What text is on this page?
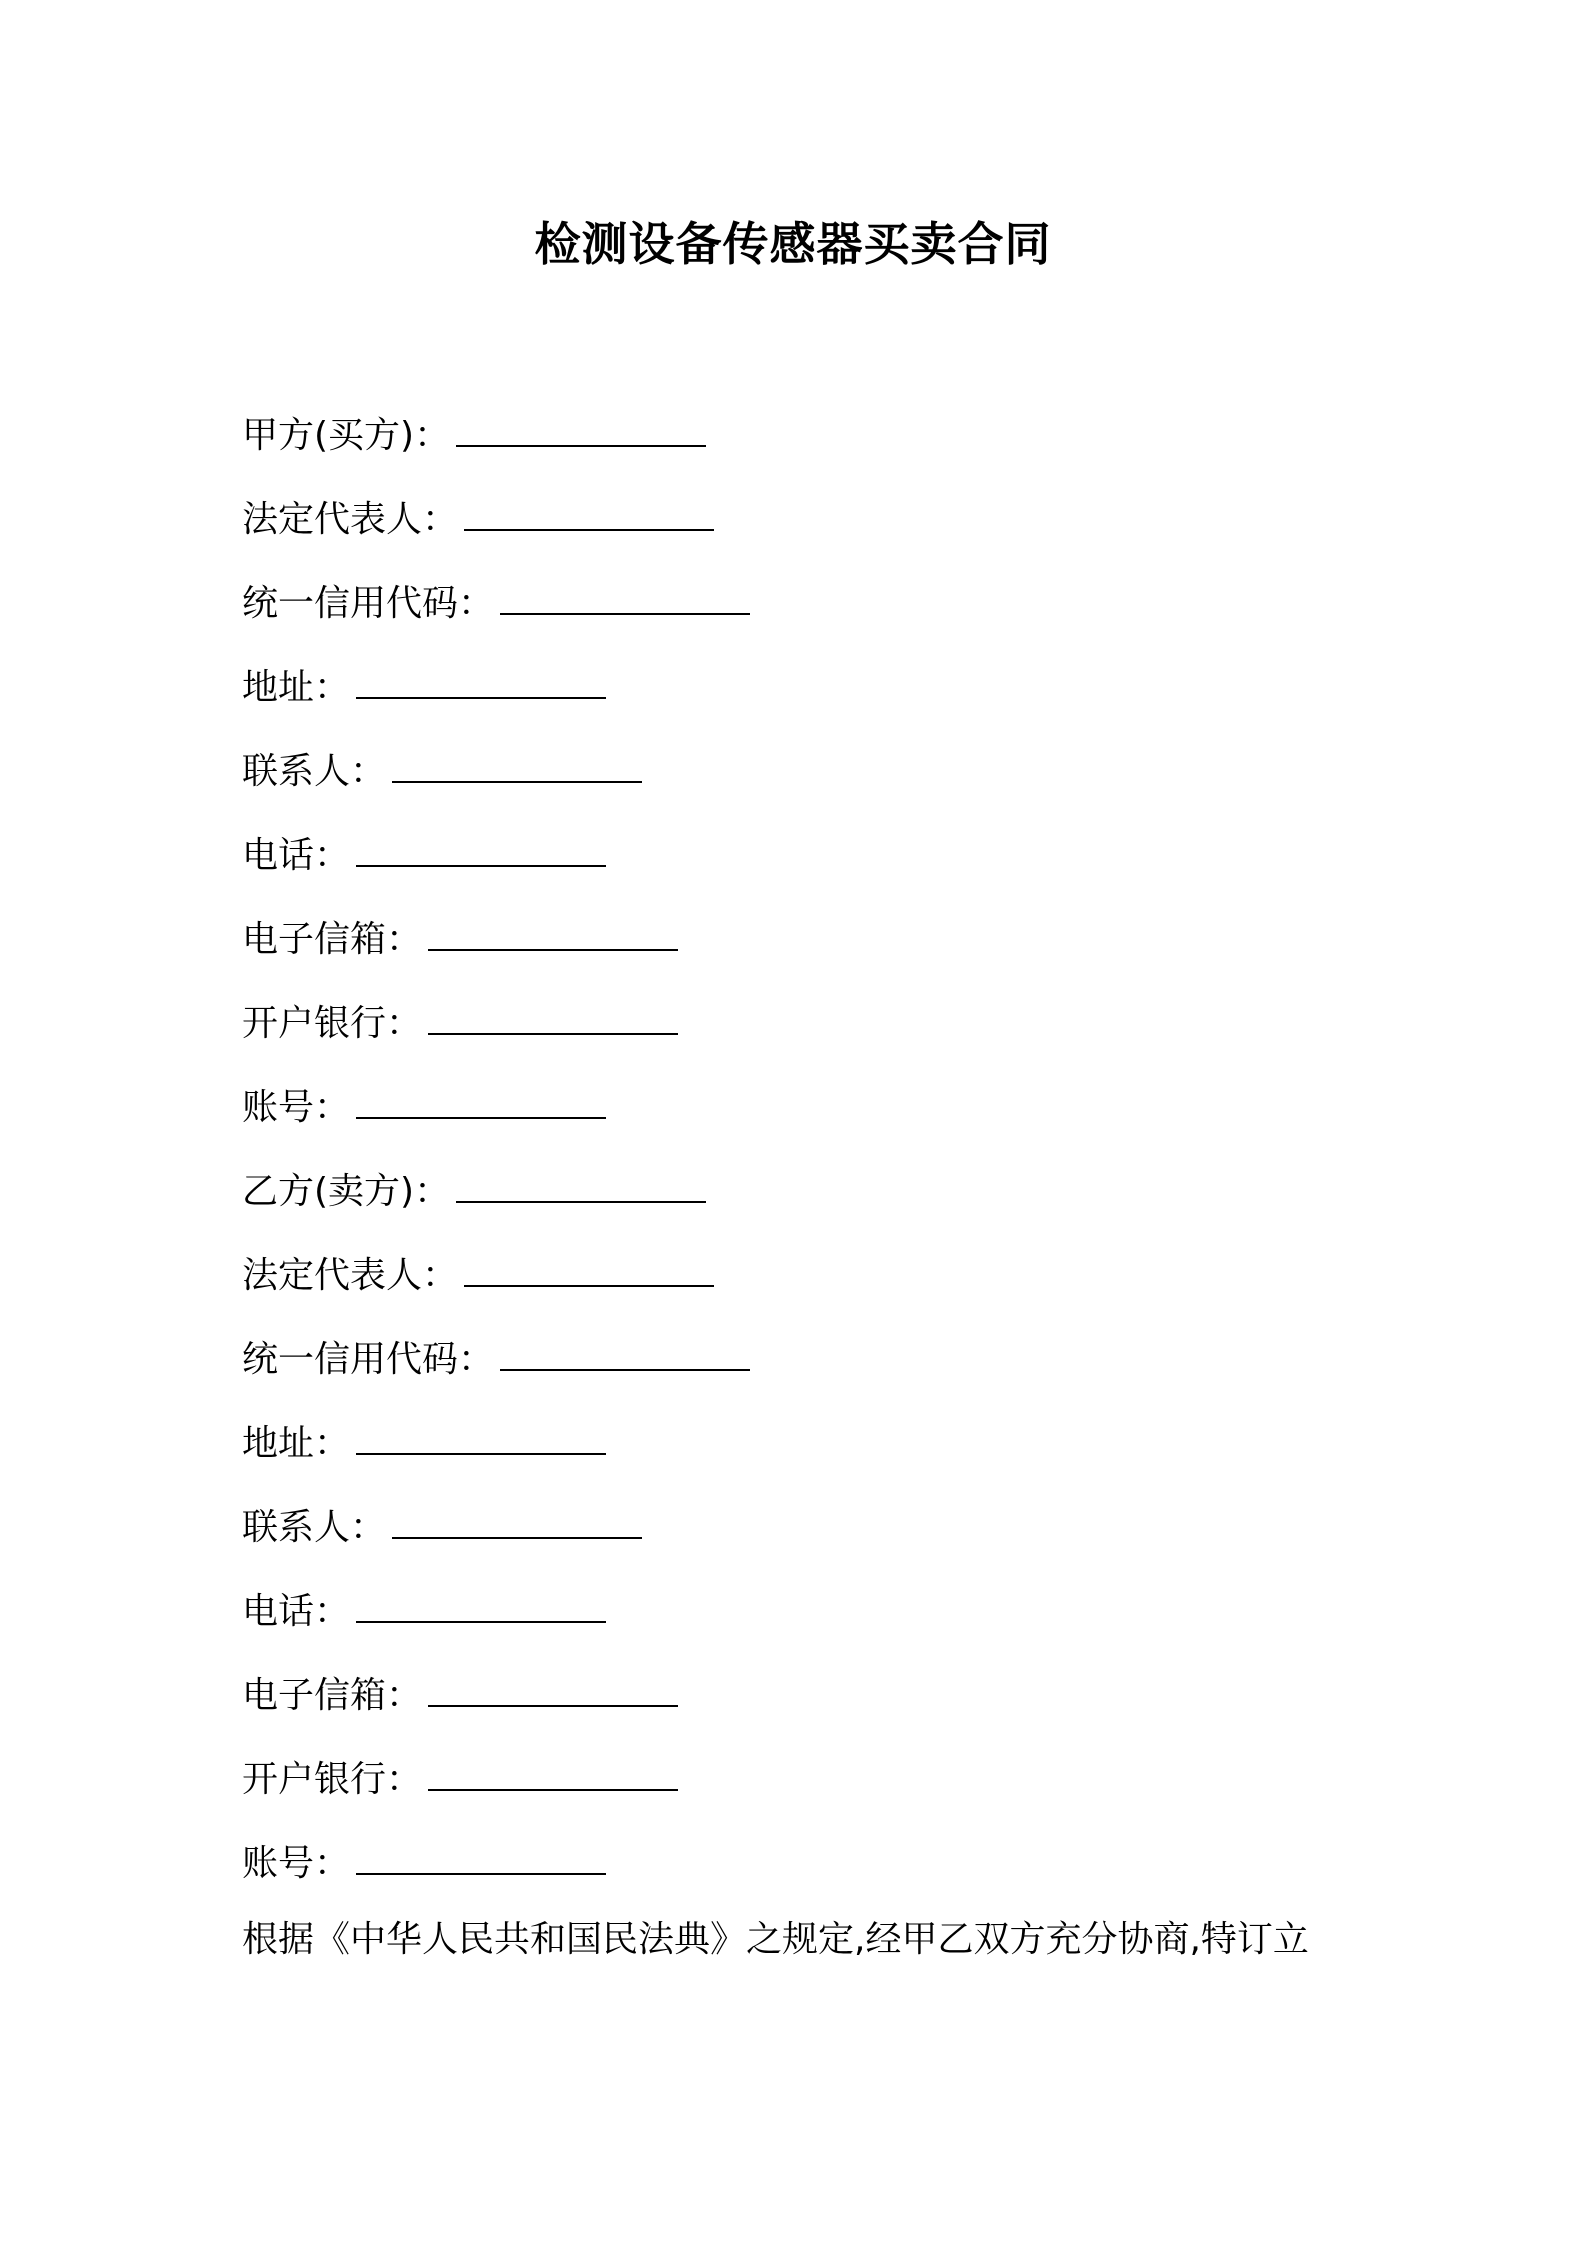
检测设备传感器买卖合同
甲方(买方)：
法定代表人：
统一信用代码：
地址：
联系人：
电话：
电子信箱：
开户银行：
账号：
乙方(卖方)：
法定代表人：
统一信用代码：
地址：
联系人：
电话：
电子信箱：
开户银行：
账号：
根据《中华人民共和国民法典》之规定,经甲乙双方充分协商,特订立
